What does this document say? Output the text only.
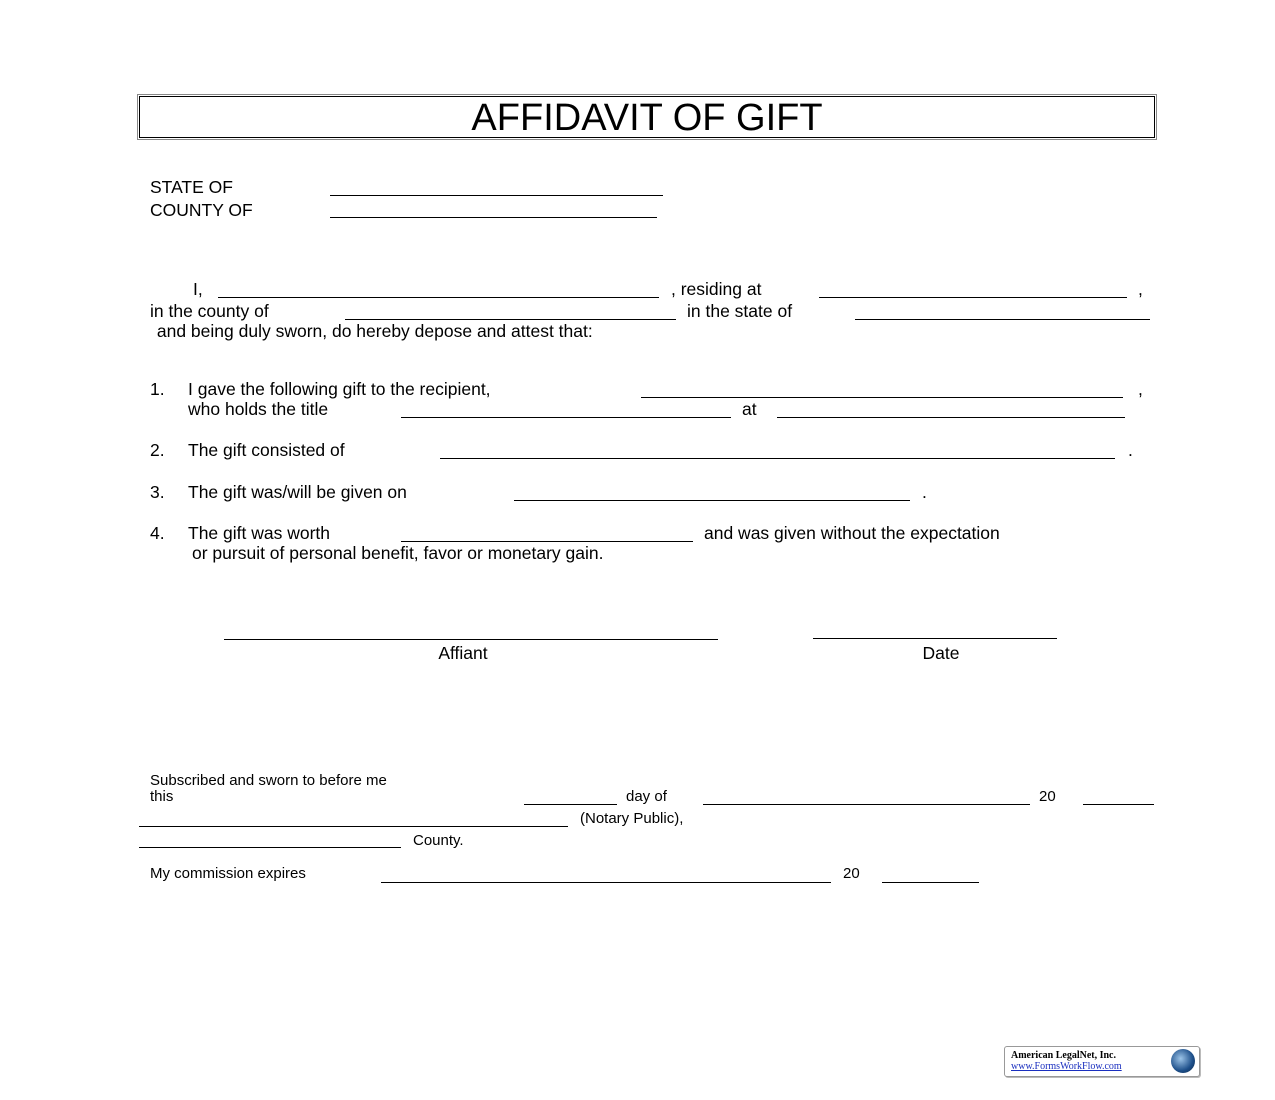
AFFIDAVIT OF GIFT
STATE OF
COUNTY OF
I,	, residing at	,
in the county of	in the state of
and being duly sworn, do hereby depose and attest that:
1. I gave the following gift to the recipient,	,
who holds the title	at
2. The gift consisted of	.
3. The gift was/will be given on	.
4. The gift was worth	and was given without the expectation
or pursuit of personal benefit, favor or monetary gain.
Affiant	Date
Subscribed and sworn to before me
this	day of	20
(Notary Public),
County.
My commission expires	20
American LegalNet, Inc.
www.FormsWorkFlow.com
